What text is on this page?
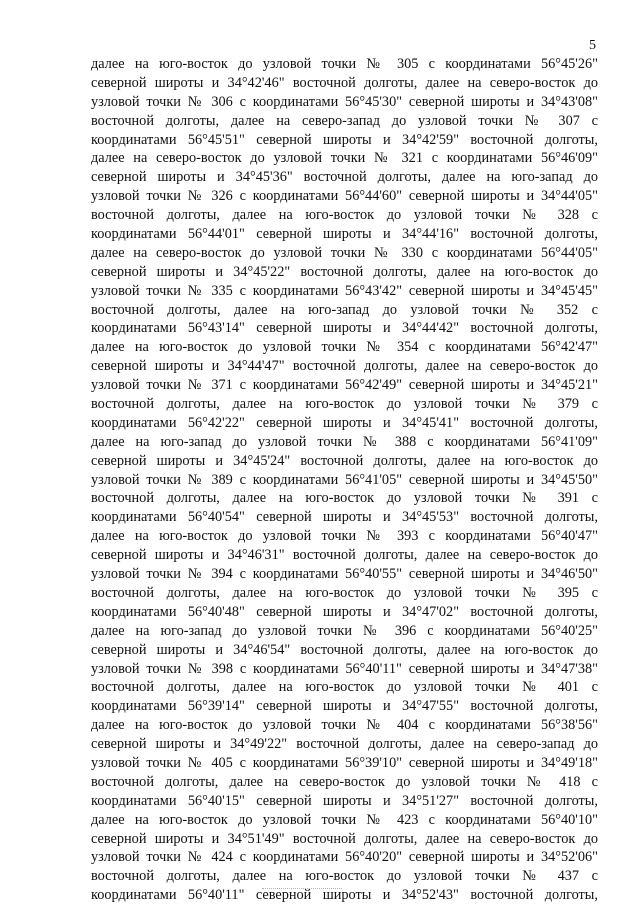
5
далее на юго-восток до узловой точки № 305 с координатами 56°45'26"
северной широты и 34°42'46" восточной долготы, далее на северо-восток до
узловой точки № 306 с координатами 56°45'30" северной широты и 34°43'08"
восточной долготы, далее на северо-запад до узловой точки № 307 с
координатами 56°45'51" северной широты и 34°42'59" восточной долготы,
далее на северо-восток до узловой точки № 321 с координатами 56°46'09"
северной широты и 34°45'36" восточной долготы, далее на юго-запад до
узловой точки № 326 с координатами 56°44'60" северной широты и 34°44'05"
восточной долготы, далее на юго-восток до узловой точки № 328 с
координатами 56°44'01" северной широты и 34°44'16" восточной долготы,
далее на северо-восток до узловой точки № 330 с координатами 56°44'05"
северной широты и 34°45'22" восточной долготы, далее на юго-восток до
узловой точки № 335 с координатами 56°43'42" северной широты и 34°45'45"
восточной долготы, далее на юго-запад до узловой точки № 352 с
координатами 56°43'14" северной широты и 34°44'42" восточной долготы,
далее на юго-восток до узловой точки № 354 с координатами 56°42'47"
северной широты и 34°44'47" восточной долготы, далее на северо-восток до
узловой точки № 371 с координатами 56°42'49" северной широты и 34°45'21"
восточной долготы, далее на юго-восток до узловой точки № 379 с
координатами 56°42'22" северной широты и 34°45'41" восточной долготы,
далее на юго-запад до узловой точки № 388 с координатами 56°41'09"
северной широты и 34°45'24" восточной долготы, далее на юго-восток до
узловой точки № 389 с координатами 56°41'05" северной широты и 34°45'50"
восточной долготы, далее на юго-восток до узловой точки № 391 с
координатами 56°40'54" северной широты и 34°45'53" восточной долготы,
далее на юго-восток до узловой точки № 393 с координатами 56°40'47"
северной широты и 34°46'31" восточной долготы, далее на северо-восток до
узловой точки № 394 с координатами 56°40'55" северной широты и 34°46'50"
восточной долготы, далее на юго-восток до узловой точки № 395 с
координатами 56°40'48" северной широты и 34°47'02" восточной долготы,
далее на юго-запад до узловой точки № 396 с координатами 56°40'25"
северной широты и 34°46'54" восточной долготы, далее на юго-восток до
узловой точки № 398 с координатами 56°40'11" северной широты и 34°47'38"
восточной долготы, далее на юго-восток до узловой точки № 401 с
координатами 56°39'14" северной широты и 34°47'55" восточной долготы,
далее на юго-восток до узловой точки № 404 с координатами 56°38'56"
северной широты и 34°49'22" восточной долготы, далее на северо-запад до
узловой точки № 405 с координатами 56°39'10" северной широты и 34°49'18"
восточной долготы, далее на северо-восток до узловой точки № 418 с
координатами 56°40'15" северной широты и 34°51'27" восточной долготы,
далее на юго-восток до узловой точки № 423 с координатами 56°40'10"
северной широты и 34°51'49" восточной долготы, далее на северо-восток до
узловой точки № 424 с координатами 56°40'20" северной широты и 34°52'06"
восточной долготы, далее на юго-восток до узловой точки № 437 с
координатами 56°40'11" северной широты и 34°52'43" восточной долготы,
